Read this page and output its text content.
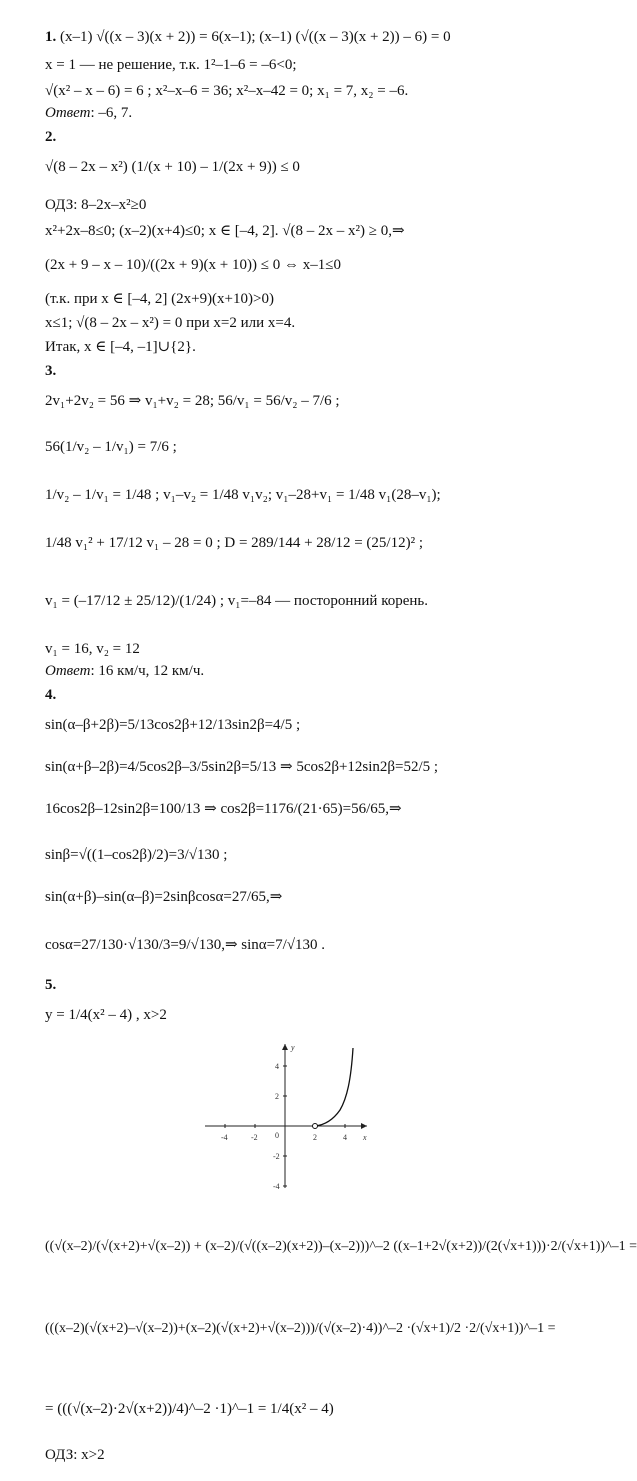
1. (x–1) √((x – 3)(x + 2)) = 6(x–1); (x–1) (√((x – 3)(x + 2)) – 6) = 0
x = 1 — не решение, т.к. 1²–1–6 = –6<0;
√(x² – x – 6) = 6 ; x²–x–6 = 36; x²–x–42 = 0; x₁ = 7, x₂ = –6.
Ответ: –6, 7.
2.
√(8 – 2x – x²) (1/(x + 10) – 1/(2x + 9)) ≤ 0
ОДЗ: 8–2x–x²≥0
x²+2x–8≤0; (x–2)(x+4)≤0; x ∈ [–4, 2]. √(8 – 2x – x²) ≥ 0,⇒
(2x + 9 – x – 10)/((2x + 9)(x + 10)) ≤ 0 ⇔ x–1≤0
(т.к. при x ∈ [–4, 2] (2x+9)(x+10)>0)
x≤1; √(8 – 2x – x²) = 0 при x=2 или x=4.
Итак, x ∈ [–4, –1]∪{2}.
3.
2v₁+2v₂ = 56 ⇒ v₁+v₂ = 28; 56/v₁ = 56/v₂ – 7/6 ;
56(1/v₂ – 1/v₁) = 7/6 ;
1/v₂ – 1/v₁ = 1/48 ; v₁–v₂ = 1/48 v₁v₂; v₁–28+v₁ = 1/48 v₁(28–v₁);
1/48 v₁² + 17/12 v₁ – 28 = 0 ; D = 289/144 + 28/12 = (25/12)² ;
v₁ = (–17/12 ± 25/12)/(1/24) ; v₁=–84 — посторонний корень.
v₁ = 16, v₂ = 12
Ответ: 16 км/ч, 12 км/ч.
4.
sin(α–β+2β)=5/13cos2β+12/13sin2β=4/5 ;
sin(α+β–2β)=4/5cos2β–3/5sin2β=5/13 ⇒ 5cos2β+12sin2β=52/5 ;
16cos2β–12sin2β=100/13 ⇒ cos2β=1176/(21·65)=56/65,⇒
sinβ=√((1–cos2β)/2)=3/√130 ;
sin(α+β)–sin(α–β)=2sinβcosα=27/65,⇒
cosα=27/130·√130/3=9/√130,⇒ sinα=7/√130 .
5.
y = 1/4(x² – 4) , x>2
-4	-2 0	2	4
4
2
-2
-4
x
y
((√(x–2)/(√(x+2)+√(x–2)) + (x–2)/(√((x–2)(x+2))–(x–2)))^–2 ((x–1+2√(x+2))/(2(√x+1)))·2/(√x+1))^–1 =
(((x–2)(√(x+2)–√(x–2))+(x–2)(√(x+2)+√(x–2)))/(√(x–2)·4))^–2 ·(√x+1)/2 ·2/(√x+1))^–1 =
= (((√(x–2)·2√(x+2))/4)^–2 ·1)^–1 = 1/4(x² – 4)
ОДЗ: x>2
